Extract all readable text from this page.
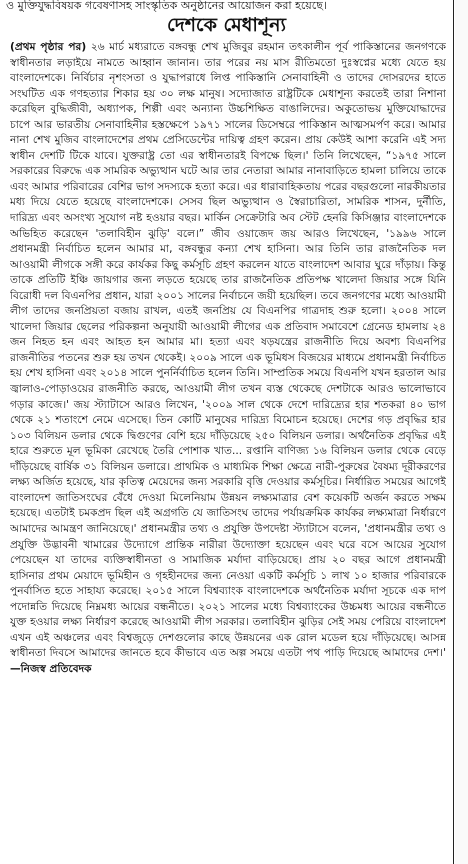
ও মুক্তিযুদ্ধবিষয়ক গবেষণাসহ সাংস্কৃতিক অনুষ্ঠানের আয়োজন করা হয়েছে।
দেশকে মেধাশূন্য

(প্রথম পৃষ্ঠার পর) ২৬ মার্চ মধ্যরাতে বঙ্গবন্ধু শেখ মুজিবুর রহমান তৎকালীন পূর্ব পাকিস্তানের জনগণকে স্বাধীনতার লড়াইয়ে নামতে আহ্বান জানান। তার পরের নয় মাস রীতিমতো দুঃস্বপ্নের মধ্যে যেতে হয় বাংলাদেশকে। নির্বিচার নৃশংসতা ও যুদ্ধাপরাধে লিপ্ত পাকিস্তানি সেনাবাহিনী ও তাদের দোসরদের হাতে সংঘটিত এক গণহত্যার শিকার হয় ৩০ লক্ষ মানুষ। সদ্যোজাত রাষ্ট্রটিকে মেধাশূন্য করতেই তারা নিশানা করেছিল বুদ্ধিজীবী, অধ্যাপক, শিল্পী এবং অন্যান্য উচ্চশিক্ষিত বাঙালিদের। অকুতোভয় মুক্তিযোদ্ধাদের চাপে আর ভারতীয় সেনাবাহিনীর হস্তক্ষেপে ১৯৭১ সালের ডিসেম্বরে পাকিস্তান আত্মসমর্পণ করে। আমার নানা শেখ মুজিব বাংলাদেশের প্রথম প্রেসিডেন্টের দায়িত্ব গ্রহণ করেন। প্রায় কেউই আশা করেনি এই সদ্য স্বাধীন দেশটি টিকে যাবে। যুক্তরাষ্ট্র তো এর স্বাধীনতারই বিপক্ষে ছিল।' তিনি লিখেছেন, “১৯৭৫ সালে সরকারের বিরুদ্ধে এক সামরিক অভ্যুত্থান ঘটে আর তার নেতারা আমার নানাবাড়িতে হামলা চালিয়ে তাকে এবং আমার পরিবারের বেশির ভাগ সদস্যকে হত্যা করে। এর ধারাবাহিকতায় পরের বছরগুলো নারকীয়তার মধ্য দিয়ে যেতে হয়েছে বাংলাদেশকে। সেসব ছিল অভ্যুত্থান ও স্বৈরাচারিতা, সামরিক শাসন, দুর্নীতি, দারিদ্র্য এবং অসংখ্য সুযোগ নষ্ট হওয়ার বছর। মার্কিন সেক্রেটারি অব স্টেট হেনরি কিসিঞ্জার বাংলাদেশকে অভিহিত করেছেন 'তলাবিহীন ঝুড়ি' বলে।” জীব ওয়াজেদ জয় আরও লিখেছেন, '১৯৯৬ সালে প্রধানমন্ত্রী নির্বাচিত হলেন আমার মা, বঙ্গবন্ধুর কন্যা শেখ হাসিনা। আর তিনি তার রাজনৈতিক দল আওয়ামী লীগকে সঙ্গী করে কার্যকর কিছু কর্মসূচি গ্রহণ করলেন যাতে বাংলাদেশ আবার ঘুরে দাঁড়ায়। কিন্তু তাকে প্রতিটি ইঞ্চি জায়গার জন্য লড়তে হয়েছে তার রাজনৈতিক প্রতিপক্ষ খালেদা জিয়ার সঙ্গে যিনি বিরোধী দল বিএনপির প্রধান, যারা ২০০১ সালের নির্বাচনে জয়ী হয়েছিল। তবে জনগণের মধ্যে আওয়ামী লীগ তাদের জনপ্রিয়তা বজায় রাখল, এতই জনপ্রিয় যে বিএনপির গাত্রদাহ শুরু হলো। ২০০৪ সালে খালেদা জিয়ার ছেলের পরিকল্পনা অনুযায়ী আওয়ামী লীগের এক প্রতিবাদ সমাবেশে গ্রেনেড হামলায় ২৪ জন নিহত হন এবং আহত হন আমার মা। হত্যা এবং ষড়যন্ত্রের রাজনীতি দিয়ে অবশ্য বিএনপির রাজনীতির পতনের শুরু হয় তখন থেকেই। ২০০৯ সালে এক ভূমিধস বিজয়ের মাধ্যমে প্রধানমন্ত্রী নির্বাচিত হয় শেখ হাসিনা এবং ২০১৪ সালে পুনর্নির্বাচিত হলেন তিনি। সাম্প্রতিক সময়ে বিএনপি যখন হরতাল আর জ্বালাও-পোড়াওয়ের রাজনীতি করছে, আওয়ামী লীগ তখন ব্যস্ত থেকেছে দেশটাকে আরও ভালোভাবে গড়ার কাজে।' জয় স্ট্যাটাসে আরও লিখেন, '২০০৯ সাল থেকে দেশে দারিদ্র্যের হার শতকরা ৪০ ভাগ থেকে ২১ শতাংশে নেমে এসেছে। তিন কোটি মানুষের দারিদ্র্য বিমোচন হয়েছে। দেশের গড় প্রবৃদ্ধির হার ১০৩ বিলিয়ন ডলার থেকে দ্বিগুণের বেশি হয়ে দাঁড়িয়েছে ২৫০ বিলিয়ন ডলার। অর্থনৈতিক প্রবৃদ্ধির এই হারে শুরুতে মূল ভূমিকা রেখেছে তৈরি পোশাক খাত... রপ্তানি বাণিজ্য ১৬ বিলিয়ন ডলার থেকে বেড়ে দাঁড়িয়েছে বার্ষিক ৩১ বিলিয়ন ডলারে। প্রাথমিক ও মাধ্যমিক শিক্ষা ক্ষেত্রে নারী-পুরুষের বৈষম্য দূরীকরণের লক্ষ্য অর্জিত হয়েছে, যার কৃতিত্ব মেয়েদের জন্য সরকারি বৃত্তি দেওয়ার কর্মসূচির। নির্ধারিত সময়ের আগেই বাংলাদেশ জাতিসংঘের বেঁধে দেওয়া মিলেনিয়াম উন্নয়ন লক্ষ্যমাত্রার বেশ কয়েকটি অর্জন করতে সক্ষম হয়েছে। এতটাই চমকপ্রদ ছিল এই অগ্রগতি যে জাতিসংঘ তাদের পর্যায়ক্রমিক কার্যকর লক্ষ্যমাত্রা নির্ধারণে আমাদের আমন্ত্রণ জানিয়েছে।' প্রধানমন্ত্রীর তথ্য ও প্রযুক্তি উপদেষ্টা স্ট্যাটাসে বলেন, 'প্রধানমন্ত্রীর তথ্য ও প্রযুক্তি উদ্ভাবনী খামারের উদ্যোগে প্রান্তিক নারীরা উদ্যোক্তা হয়েছেন এবং ঘরে বসে আয়ের সুযোগ পেয়েছেন যা তাদের ব্যক্তিস্বাধীনতা ও সামাজিক মর্যাদা বাড়িয়েছে। প্রায় ২০ বছর আগে প্রধানমন্ত্রী হাসিনার প্রথম মেয়াদে ভূমিহীন ও গৃহহীনদের জন্য নেওয়া একটি কর্মসূচি ১ লাখ ১০ হাজার পরিবারকে পুনর্বাসিত হতে সাহায্য করেছে। ২০১৫ সালে বিশ্বব্যাংক বাংলাদেশকে অর্থনৈতিক মর্যাদা সূচকে এক দাপ পদোন্নতি দিয়েছে নিম্নমধ্য আয়ের বন্ধনীতে। ২০২১ সালের মধ্যে বিশ্বব্যাংকের উচ্চমধ্য আয়ের বন্ধনীতে যুক্ত হওয়ার লক্ষ্য নির্ধারণ করেছে আওয়ামী লীগ সরকার। তলাবিহীন ঝুড়ির সেই সময় পেরিয়ে বাংলাদেশ এখন এই অঞ্চলের এবং বিশ্বজুড়ে দেশগুলোর কাছে উন্নয়নের এক রোল মডেল হয়ে দাঁড়িয়েছে। আসন্ন স্বাধীনতা দিবসে আমাদের জানতে হবে কীভাবে এত অল্প সময়ে এতটা পথ পাড়ি দিয়েছে আমাদের দেশ।' —নিজস্ব প্রতিবেদক
